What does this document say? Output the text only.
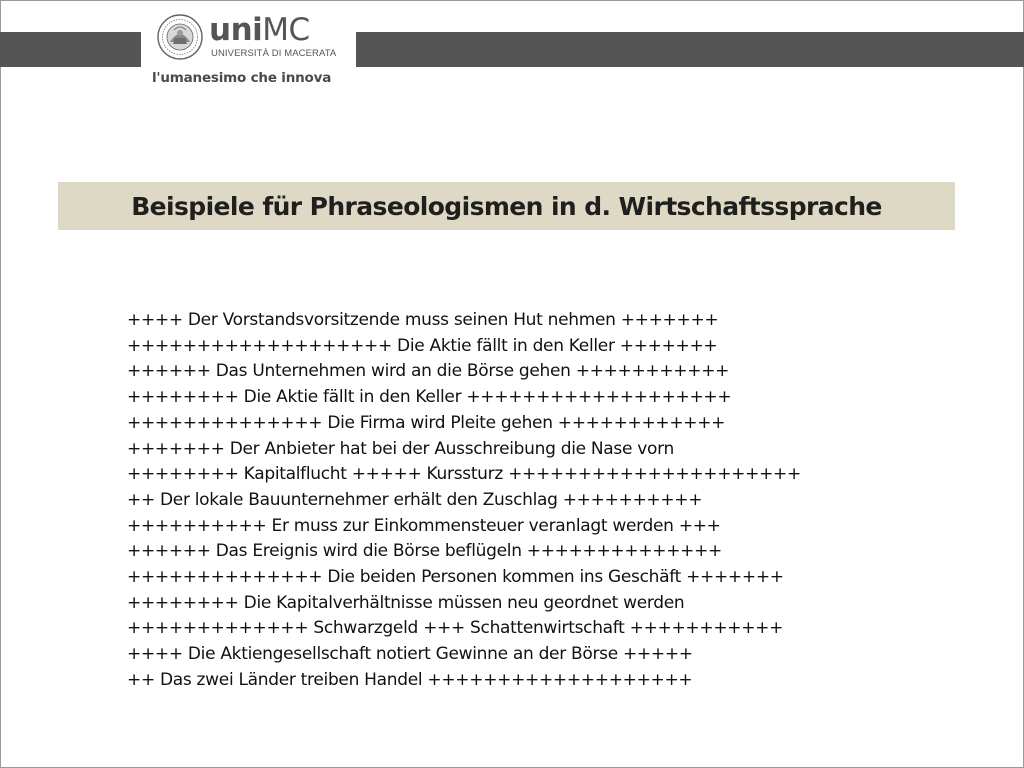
uniMC
UNIVERSITÀ DI MACERATA
l'umanesimo che innova
Beispiele für Phraseologismen in d. Wirtschaftssprache
++++ Der Vorstandsvorsitzende muss seinen Hut nehmen +++++++
+++++++++++++++++++ Die Aktie fällt in den Keller +++++++
++++++ Das Unternehmen wird an die Börse gehen +++++++++++
++++++++ Die Aktie fällt in den Keller +++++++++++++++++++
++++++++++++++ Die Firma wird Pleite gehen ++++++++++++
+++++++ Der Anbieter hat bei der Ausschreibung die Nase vorn
++++++++ Kapitalflucht +++++ Kurssturz +++++++++++++++++++++
++ Der lokale Bauunternehmer erhält den Zuschlag ++++++++++
++++++++++ Er muss zur Einkommensteuer veranlagt werden +++
++++++ Das Ereignis wird die Börse beflügeln ++++++++++++++
++++++++++++++ Die beiden Personen kommen ins Geschäft +++++++
++++++++ Die Kapitalverhältnisse müssen neu geordnet werden
+++++++++++++ Schwarzgeld +++ Schattenwirtschaft +++++++++++
++++ Die Aktiengesellschaft notiert Gewinne an der Börse +++++
++ Das zwei Länder treiben Handel +++++++++++++++++++
